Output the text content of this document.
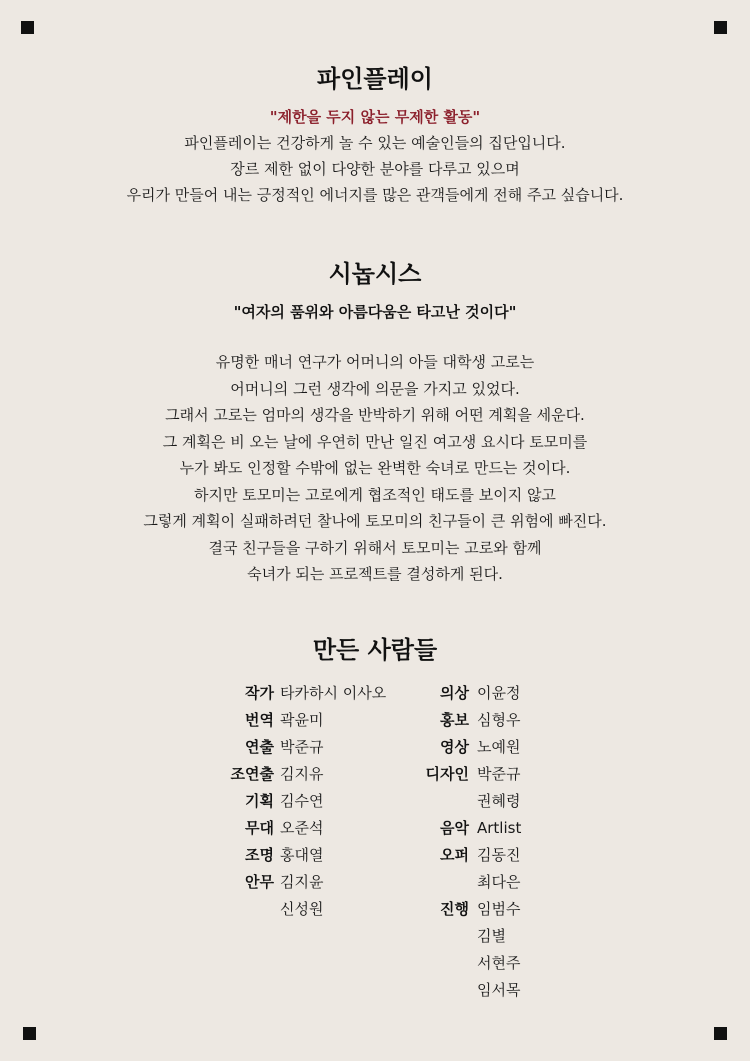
파인플레이

"제한을 두지 않는 무제한 활동"

파인플레이는 건강하게 놀 수 있는 예술인들의 집단입니다.
장르 제한 없이 다양한 분야를 다루고 있으며
우리가 만들어 내는 긍정적인 에너지를 많은 관객들에게 전해 주고 싶습니다.
시놉시스

"여자의 품위와 아름다움은 타고난 것이다"

유명한 매너 연구가 어머니의 아들 대학생 고로는
어머니의 그런 생각에 의문을 가지고 있었다.
그래서 고로는 엄마의 생각을 반박하기 위해 어떤 계획을 세운다.
그 계획은 비 오는 날에 우연히 만난 일진 여고생 요시다 토모미를
누가 봐도 인정할 수밖에 없는 완벽한 숙녀로 만드는 것이다.
하지만 토모미는 고로에게 협조적인 태도를 보이지 않고
그렇게 계획이 실패하려던 찰나에 토모미의 친구들이 큰 위험에 빠진다.
결국 친구들을 구하기 위해서 토모미는 고로와 함께
숙녀가 되는 프로젝트를 결성하게 된다.
만든 사람들
작가 타카하시 이사오
번역 곽윤미
연출 박준규
조연출 김지유
기획 김수연
무대 오준석
조명 홍대열
안무 김지윤
신성원
의상 이윤정
홍보 심형우
영상 노예원
디자인 박준규
권혜령
음악 Artlist
오퍼 김동진
최다은
진행 임범수
김별
서현주
임서목
